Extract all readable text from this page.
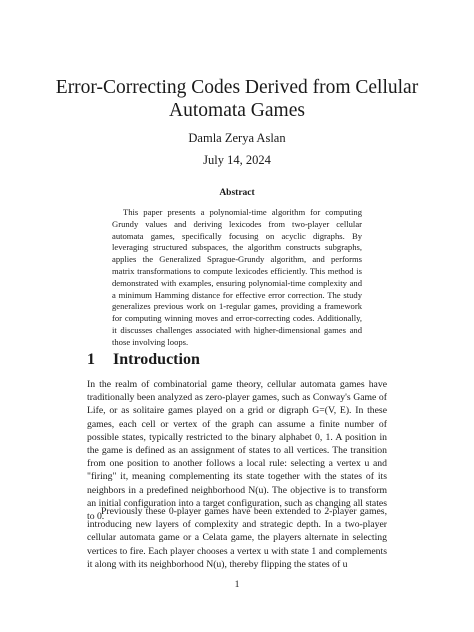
Error-Correcting Codes Derived from Cellular
Automata Games
Damla Zerya Aslan
July 14, 2024
Abstract

This paper presents a polynomial-time algorithm for computing Grundy values and deriving lexicodes from two-player cellular automata games, specifically focusing on acyclic digraphs. By leveraging structured subspaces, the algorithm constructs subgraphs, applies the Generalized Sprague-Grundy algorithm, and performs matrix transformations to compute lexicodes efficiently. This method is demonstrated with examples, ensuring polynomial-time complexity and a minimum Hamming distance for effective error correction. The study generalizes previous work on 1-regular games, providing a framework for computing winning moves and error-correcting codes. Additionally, it discusses challenges associated with higher-dimensional games and those involving loops.

1 Introduction

In the realm of combinatorial game theory, cellular automata games have traditionally been analyzed as zero-player games, such as Conway's Game of Life, or as solitaire games played on a grid or digraph G=(V, E). In these games, each cell or vertex of the graph can assume a finite number of possible states, typically restricted to the binary alphabet 0, 1. A position in the game is defined as an assignment of states to all vertices. The transition from one position to another follows a local rule: selecting a vertex u and "firing" it, meaning complementing its state together with the states of its neighbors in a predefined neighborhood N(u). The objective is to transform an initial configuration into a target configuration, such as changing all states to 0.

Previously these 0-player games have been extended to 2-player games, introducing new layers of complexity and strategic depth. In a two-player cellular automata game or a Celata game, the players alternate in selecting vertices to fire. Each player chooses a vertex u with state 1 and complements it along with its neighborhood N(u), thereby flipping the states of u

1
